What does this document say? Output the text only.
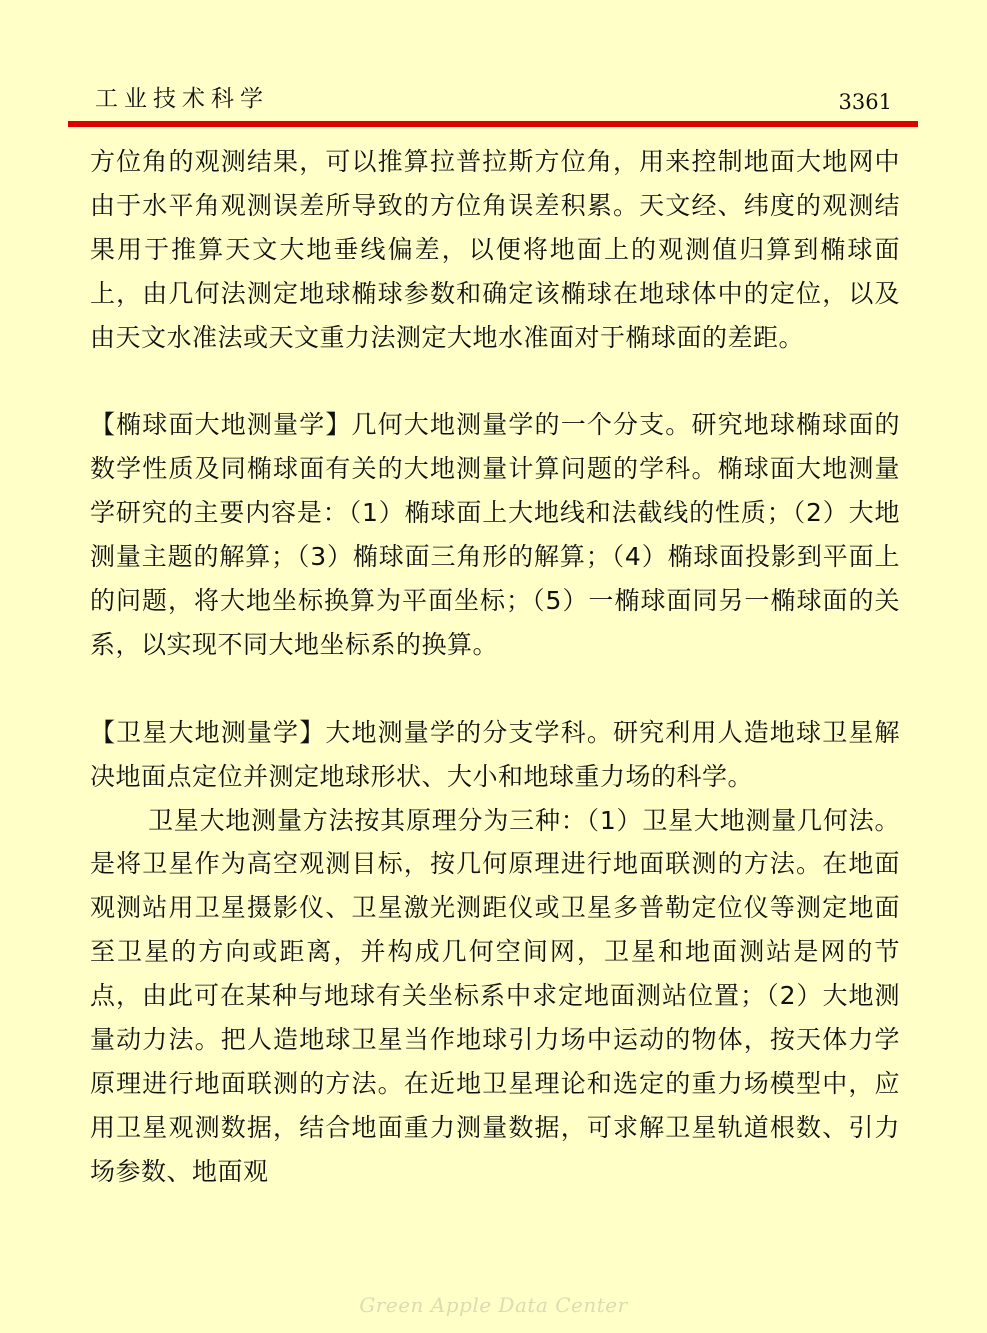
工业技术科学	3361

方位角的观测结果，可以推算拉普拉斯方位角，用来控制地面大地网中由于水平角观测误差所导致的方位角误差积累。天文经、纬度的观测结果用于推算天文大地垂线偏差，以便将地面上的观测值归算到椭球面上，由几何法测定地球椭球参数和确定该椭球在地球体中的定位，以及由天文水准法或天文重力法测定大地水准面对于椭球面的差距。

【椭球面大地测量学】几何大地测量学的一个分支。研究地球椭球面的数学性质及同椭球面有关的大地测量计算问题的学科。椭球面大地测量学研究的主要内容是：（1）椭球面上大地线和法截线的性质；（2）大地测量主题的解算；（3）椭球面三角形的解算；（4）椭球面投影到平面上的问题，将大地坐标换算为平面坐标；（5）一椭球面同另一椭球面的关系，以实现不同大地坐标系的换算。

【卫星大地测量学】大地测量学的分支学科。研究利用人造地球卫星解决地面点定位并测定地球形状、大小和地球重力场的科学。

卫星大地测量方法按其原理分为三种：（1）卫星大地测量几何法。是将卫星作为高空观测目标，按几何原理进行地面联测的方法。在地面观测站用卫星摄影仪、卫星激光测距仪或卫星多普勒定位仪等测定地面至卫星的方向或距离，并构成几何空间网，卫星和地面测站是网的节点，由此可在某种与地球有关坐标系中求定地面测站位置；（2）大地测量动力法。把人造地球卫星当作地球引力场中运动的物体，按天体力学原理进行地面联测的方法。在近地卫星理论和选定的重力场模型中，应用卫星观测数据，结合地面重力测量数据，可求解卫星轨道根数、引力场参数、地面观

Green Apple Data Center
